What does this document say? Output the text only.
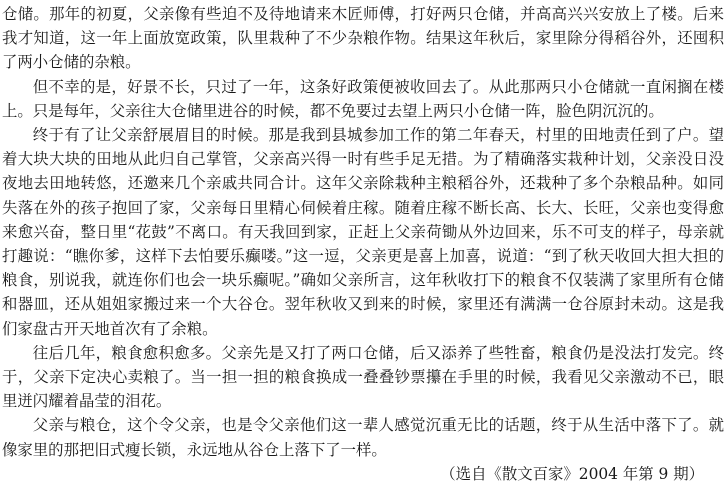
仓储。那年的初夏，父亲像有些迫不及待地请来木匠师傅，打好两只仓储，并高高兴兴安放上了楼。后来我才知道，这一年上面放宽政策，队里栽种了不少杂粮作物。结果这年秋后，家里除分得稻谷外，还囤积了两小仓储的杂粮。

但不幸的是，好景不长，只过了一年，这条好政策便被收回去了。从此那两只小仓储就一直闲搁在楼上。只是每年，父亲往大仓储里进谷的时候，都不免要过去望上两只小仓储一阵，脸色阴沉沉的。

终于有了让父亲舒展眉目的时候。那是我到县城参加工作的第二年春天，村里的田地责任到了户。望着大块大块的田地从此归自己掌管，父亲高兴得一时有些手足无措。为了精确落实栽种计划，父亲没日没夜地去田地转悠，还邀来几个亲戚共同合计。这年父亲除栽种主粮稻谷外，还栽种了多个杂粮品种。如同失落在外的孩子抱回了家，父亲每日里精心伺候着庄稼。随着庄稼不断长高、长大、长旺，父亲也变得愈来愈兴奋，整日里“花鼓”不离口。有天我回到家，正赶上父亲荷锄从外边回来，乐不可支的样子，母亲就打趣说：“瞧你爹，这样下去怕要乐癫喽。”这一逗，父亲更是喜上加喜，说道：“到了秋天收回大担大担的粮食，别说我，就连你们也会一块乐癫呢。”确如父亲所言，这年秋收打下的粮食不仅装满了家里所有仓储和器皿，还从姐姐家搬过来一个大谷仓。翌年秋收又到来的时候，家里还有满满一仓谷原封未动。这是我们家盘古开天地首次有了余粮。

往后几年，粮食愈积愈多。父亲先是又打了两口仓储，后又添养了些牲畜，粮食仍是没法打发完。终于，父亲下定决心卖粮了。当一担一担的粮食换成一叠叠钞票攥在手里的时候，我看见父亲激动不已，眼里迸闪耀着晶莹的泪花。

父亲与粮仓，这个令父亲，也是令父亲他们这一辈人感觉沉重无比的话题，终于从生活中落下了。就像家里的那把旧式瘦长锁，永远地从谷仓上落下了一样。

（选自《散文百家》2004 年第 9 期）
